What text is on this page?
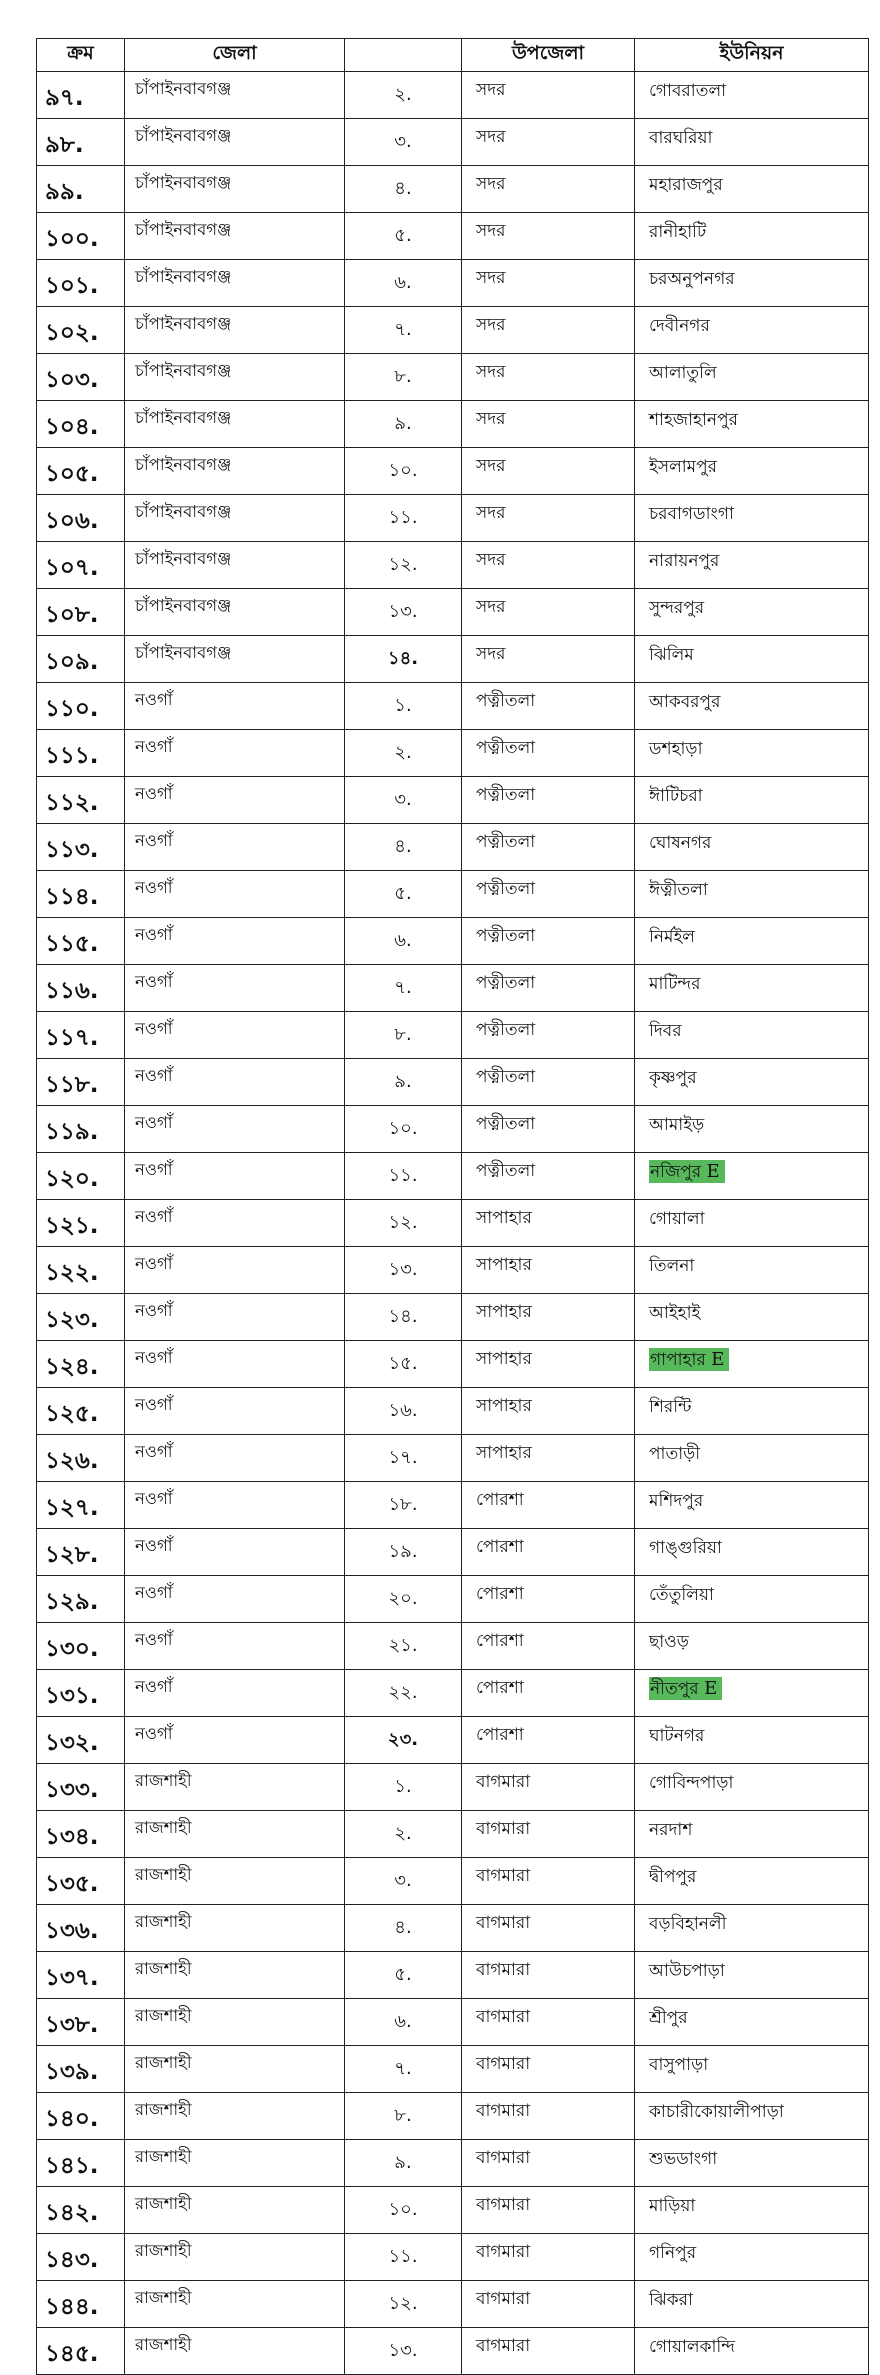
ক্রম	জেলা		উপজেলা	ইউনিয়ন
৯৭.	চাঁপাইনবাবগঞ্জ	২.	সদর	গোবরাতলা
৯৮.	চাঁপাইনবাবগঞ্জ	৩.	সদর	বারঘরিয়া
৯৯.	চাঁপাইনবাবগঞ্জ	৪.	সদর	মহারাজপুর
১০০.	চাঁপাইনবাবগঞ্জ	৫.	সদর	রানীহাটি
১০১.	চাঁপাইনবাবগঞ্জ	৬.	সদর	চরঅনুপনগর
১০২.	চাঁপাইনবাবগঞ্জ	৭.	সদর	দেবীনগর
১০৩.	চাঁপাইনবাবগঞ্জ	৮.	সদর	আলাতুলি
১০৪.	চাঁপাইনবাবগঞ্জ	৯.	সদর	শাহজাহানপুর
১০৫.	চাঁপাইনবাবগঞ্জ	১০.	সদর	ইসলামপুর
১০৬.	চাঁপাইনবাবগঞ্জ	১১.	সদর	চরবাগডাংগা
১০৭.	চাঁপাইনবাবগঞ্জ	১২.	সদর	নারায়নপুর
১০৮.	চাঁপাইনবাবগঞ্জ	১৩.	সদর	সুন্দরপুর
১০৯.	চাঁপাইনবাবগঞ্জ	১৪.	সদর	ঝিলিম
১১০.	নওগাঁ	১.	পত্নীতলা	আকবরপুর
১১১.	নওগাঁ	২.	পত্নীতলা	ডশহাড়া
১১২.	নওগাঁ	৩.	পত্নীতলা	ঈাটিচরা
১১৩.	নওগাঁ	৪.	পত্নীতলা	ঘোষনগর
১১৪.	নওগাঁ	৫.	পত্নীতলা	ঈত্নীতলা
১১৫.	নওগাঁ	৬.	পত্নীতলা	নির্মইল
১১৬.	নওগাঁ	৭.	পত্নীতলা	মাটিন্দর
১১৭.	নওগাঁ	৮.	পত্নীতলা	দিবর
১১৮.	নওগাঁ	৯.	পত্নীতলা	কৃষ্ণপুর
১১৯.	নওগাঁ	১০.	পত্নীতলা	আমাইড়
১২০.	নওগাঁ	১১.	পত্নীতলা	নজিপুর E
১২১.	নওগাঁ	১২.	সাপাহার	গোয়ালা
১২২.	নওগাঁ	১৩.	সাপাহার	তিলনা
১২৩.	নওগাঁ	১৪.	সাপাহার	আইহাই
১২৪.	নওগাঁ	১৫.	সাপাহার	গাপাহার E
১২৫.	নওগাঁ	১৬.	সাপাহার	শিরন্টি
১২৬.	নওগাঁ	১৭.	সাপাহার	পাতাড়ী
১২৭.	নওগাঁ	১৮.	পোরশা	মশিদপুর
১২৮.	নওগাঁ	১৯.	পোরশা	গাঙ্গুরিয়া
১২৯.	নওগাঁ	২০.	পোরশা	তেঁতুলিয়া
১৩০.	নওগাঁ	২১.	পোরশা	ছাওড়
১৩১.	নওগাঁ	২২.	পোরশা	নীতপুর E
১৩২.	নওগাঁ	২৩.	পোরশা	ঘাটনগর
১৩৩.	রাজশাহী	১.	বাগমারা	গোবিন্দপাড়া
১৩৪.	রাজশাহী	২.	বাগমারা	নরদাশ
১৩৫.	রাজশাহী	৩.	বাগমারা	দ্বীপপুর
১৩৬.	রাজশাহী	৪.	বাগমারা	বড়বিহানলী
১৩৭.	রাজশাহী	৫.	বাগমারা	আউচপাড়া
১৩৮.	রাজশাহী	৬.	বাগমারা	শ্রীপুর
১৩৯.	রাজশাহী	৭.	বাগমারা	বাসুপাড়া
১৪০.	রাজশাহী	৮.	বাগমারা	কাচারীকোয়ালীপাড়া
১৪১.	রাজশাহী	৯.	বাগমারা	শুভডাংগা
১৪২.	রাজশাহী	১০.	বাগমারা	মাড়িয়া
১৪৩.	রাজশাহী	১১.	বাগমারা	গনিপুর
১৪৪.	রাজশাহী	১২.	বাগমারা	ঝিকরা
১৪৫.	রাজশাহী	১৩.	বাগমারা	গোয়ালকান্দি
